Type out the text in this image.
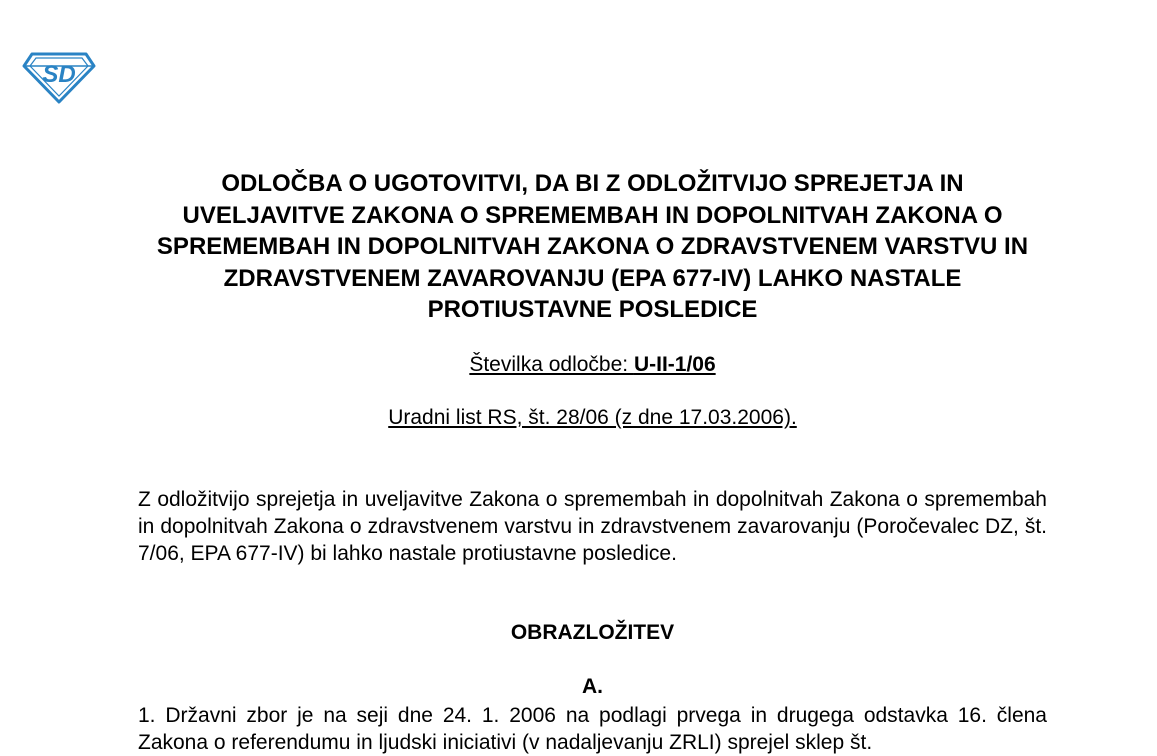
SD
ODLOČBA O UGOTOVITVI, DA BI Z ODLOŽITVIJO SPREJETJA IN UVELJAVITVE ZAKONA O SPREMEMBAH IN DOPOLNITVAH ZAKONA O SPREMEMBAH IN DOPOLNITVAH ZAKONA O ZDRAVSTVENEM VARSTVU IN ZDRAVSTVENEM ZAVAROVANJU (EPA 677-IV) LAHKO NASTALE PROTIUSTAVNE POSLEDICE

Številka odločbe: U-II-1/06

Uradni list RS, št. 28/06 (z dne 17.03.2006).

Z odložitvijo sprejetja in uveljavitve Zakona o spremembah in dopolnitvah Zakona o spremembah in dopolnitvah Zakona o zdravstvenem varstvu in zdravstvenem zavarovanju (Poročevalec DZ, št. 7/06, EPA 677-IV) bi lahko nastale protiustavne posledice.

OBRAZLOŽITEV
A.

1. Državni zbor je na seji dne 24. 1. 2006 na podlagi prvega in drugega odstavka 16. člena Zakona o referendumu in ljudski iniciativi (v nadaljevanju ZRLI) sprejel sklep št.
